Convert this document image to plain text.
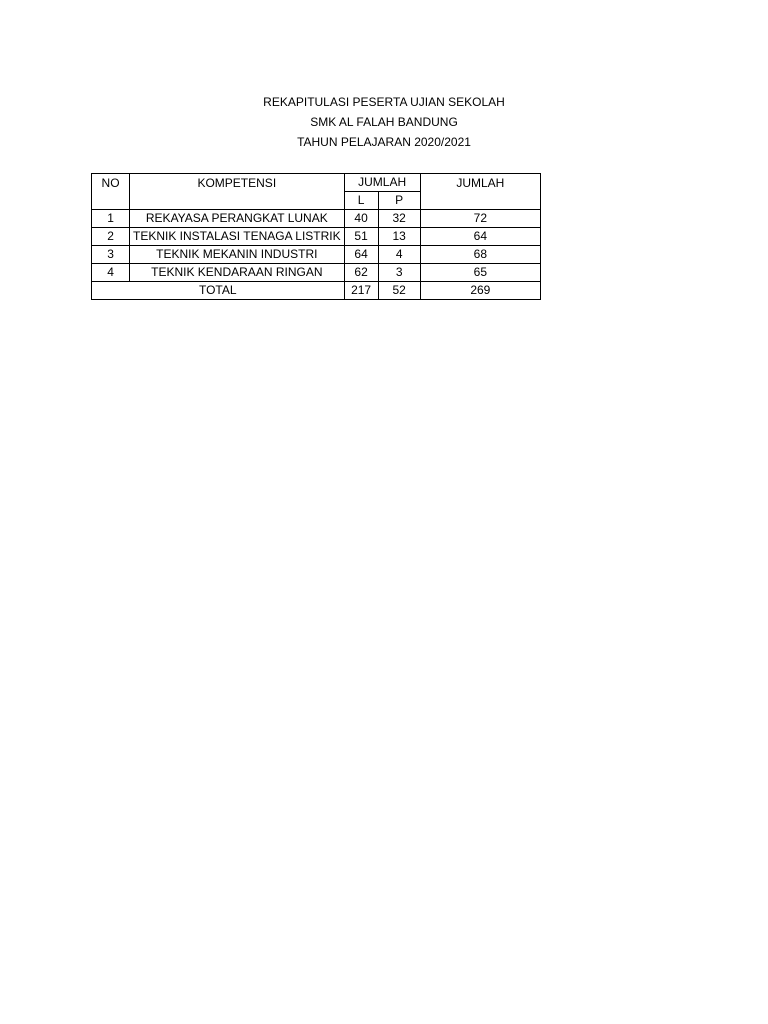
REKAPITULASI PESERTA UJIAN SEKOLAH
SMK AL FALAH BANDUNG
TAHUN PELAJARAN 2020/2021
NO	KOMPETENSI	JUMLAH		JUMLAH
		L	P	
1	REKAYASA PERANGKAT LUNAK	40	32	72
2	TEKNIK INSTALASI TENAGA LISTRIK	51	13	64
3	TEKNIK MEKANIN INDUSTRI	64	4	68
4	TEKNIK KENDARAAN RINGAN	62	3	65
TOTAL		217	52	269
